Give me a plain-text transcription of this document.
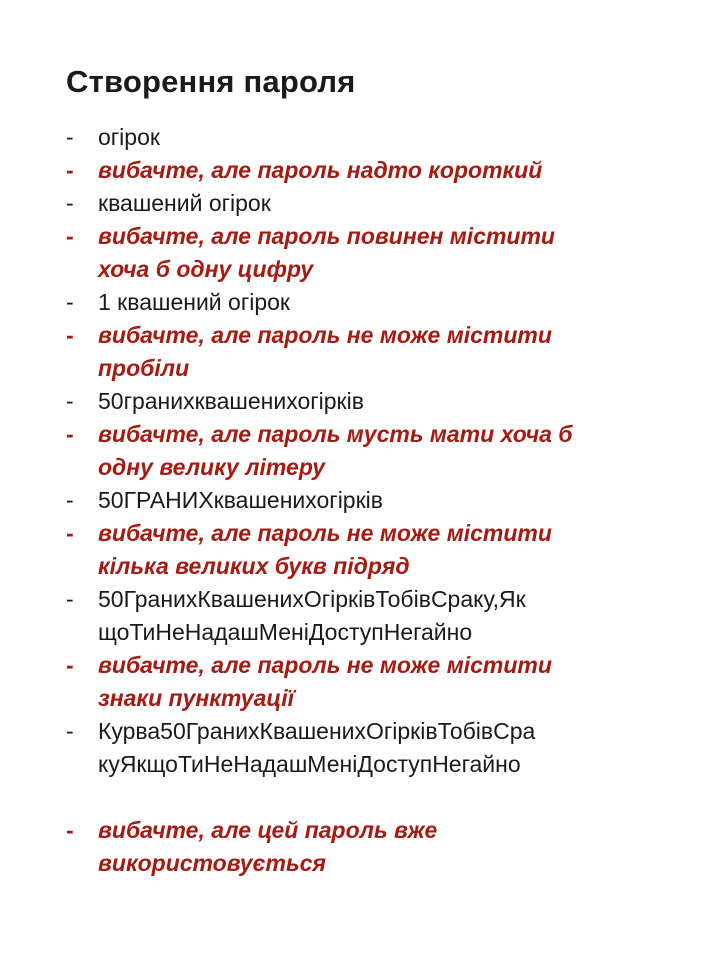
Створення пароля
- огірок
- вибачте, але пароль надто короткий
- квашений огірок
- вибачте, але пароль повинен містити
хоча б одну цифру
- 1 квашений огірок
- вибачте, але пароль не може містити
пробіли
- 50гранихквашенихогірків
- вибачте, але пароль мусть мати хоча б
одну велику літеру
- 50ГРАНИХквашенихогірків
- вибачте, але пароль не може містити
кілька великих букв підряд
- 50ГранихКвашенихОгірківТобівСраку,Як
щоТиНеНадашМеніДоступНегайно
- вибачте, але пароль не може містити
знаки пунктуації
- Курва50ГранихКвашенихОгірківТобівСра
куЯкщоТиНеНадашМеніДоступНегайно
- вибачте, але цей пароль вже
використовується
